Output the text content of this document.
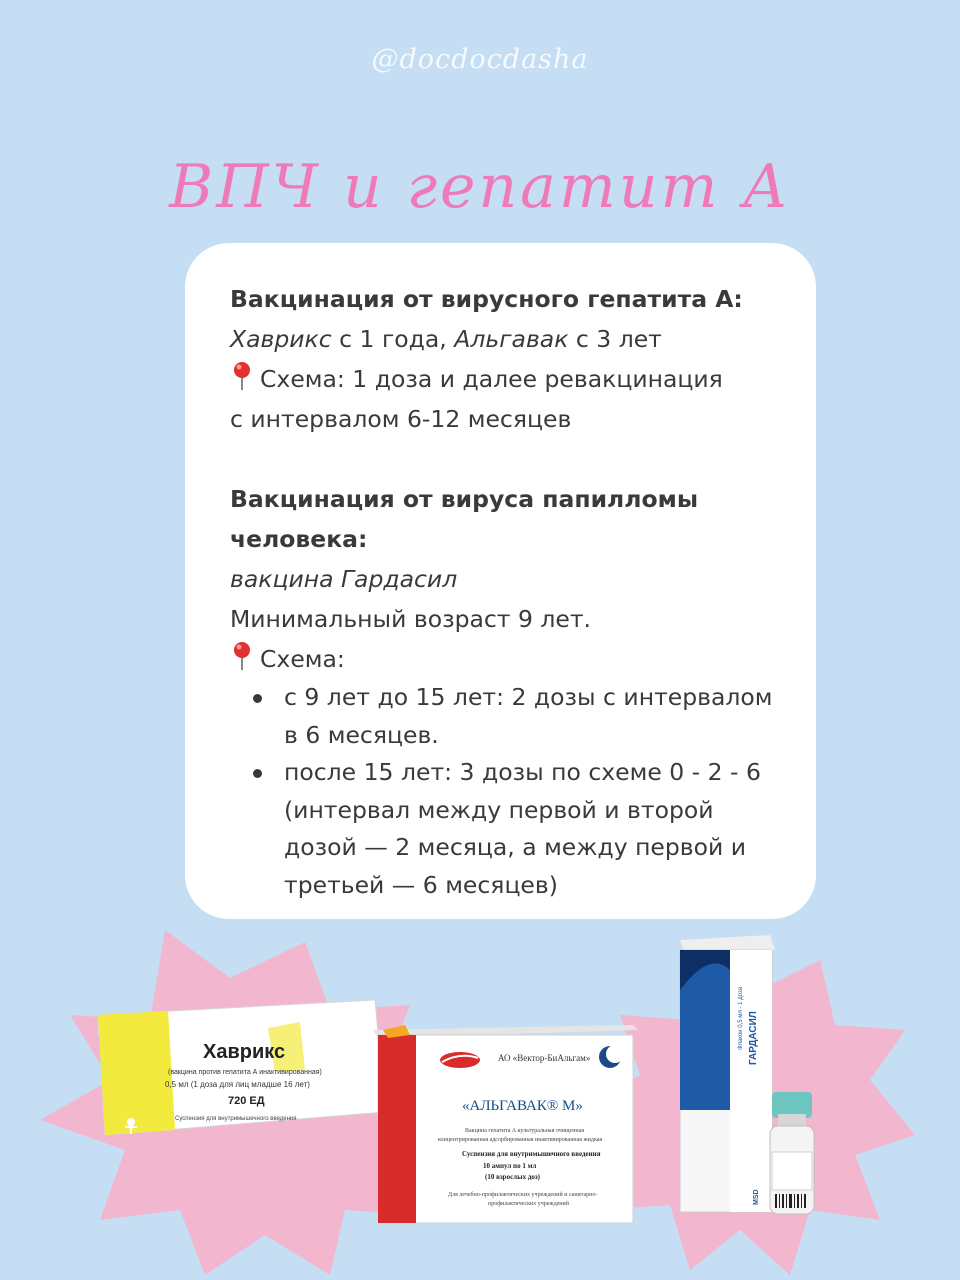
@docdocdasha
ВПЧ и гепатит А

Вакцинация от вирусного гепатита А:

Хаврикс с 1 года, Альгавак с 3 лет

Схема: 1 доза и далее ревакцинация

с интервалом 6-12 месяцев

Вакцинация от вируса папилломы

человека:

вакцина Гардасил

Минимальный возраст 9 лет.

Схема:

с 9 лет до 15 лет: 2 дозы с интервалом
в 6 месяцев.
после 15 лет: 3 дозы по схеме 0 - 2 - 6
(интервал между первой и второй
дозой — 2 месяца, а между первой и
третьей — 6 месяцев)
Хаврикс
(вакцина против гепатита А инактивированная)
0,5 мл (1 доза для лиц младше 16 лет)
720 ЕД
Суспензия для внутримышечного введения
АО «Вектор-БиАльгам»
«АЛЬГАВАК® М»
Вакцина гепатита А культуральная очищенная
концентрированная адсорбированная инактивированная жидкая
Суспензия для внутримышечного введения
10 ампул по 1 мл
(10 взрослых доз)
Для лечебно-профилактических учреждений и санитарно-
профилактических учреждений
Флакон 0,5 мл - 1 доза ГАРДАСИЛ
MSD
